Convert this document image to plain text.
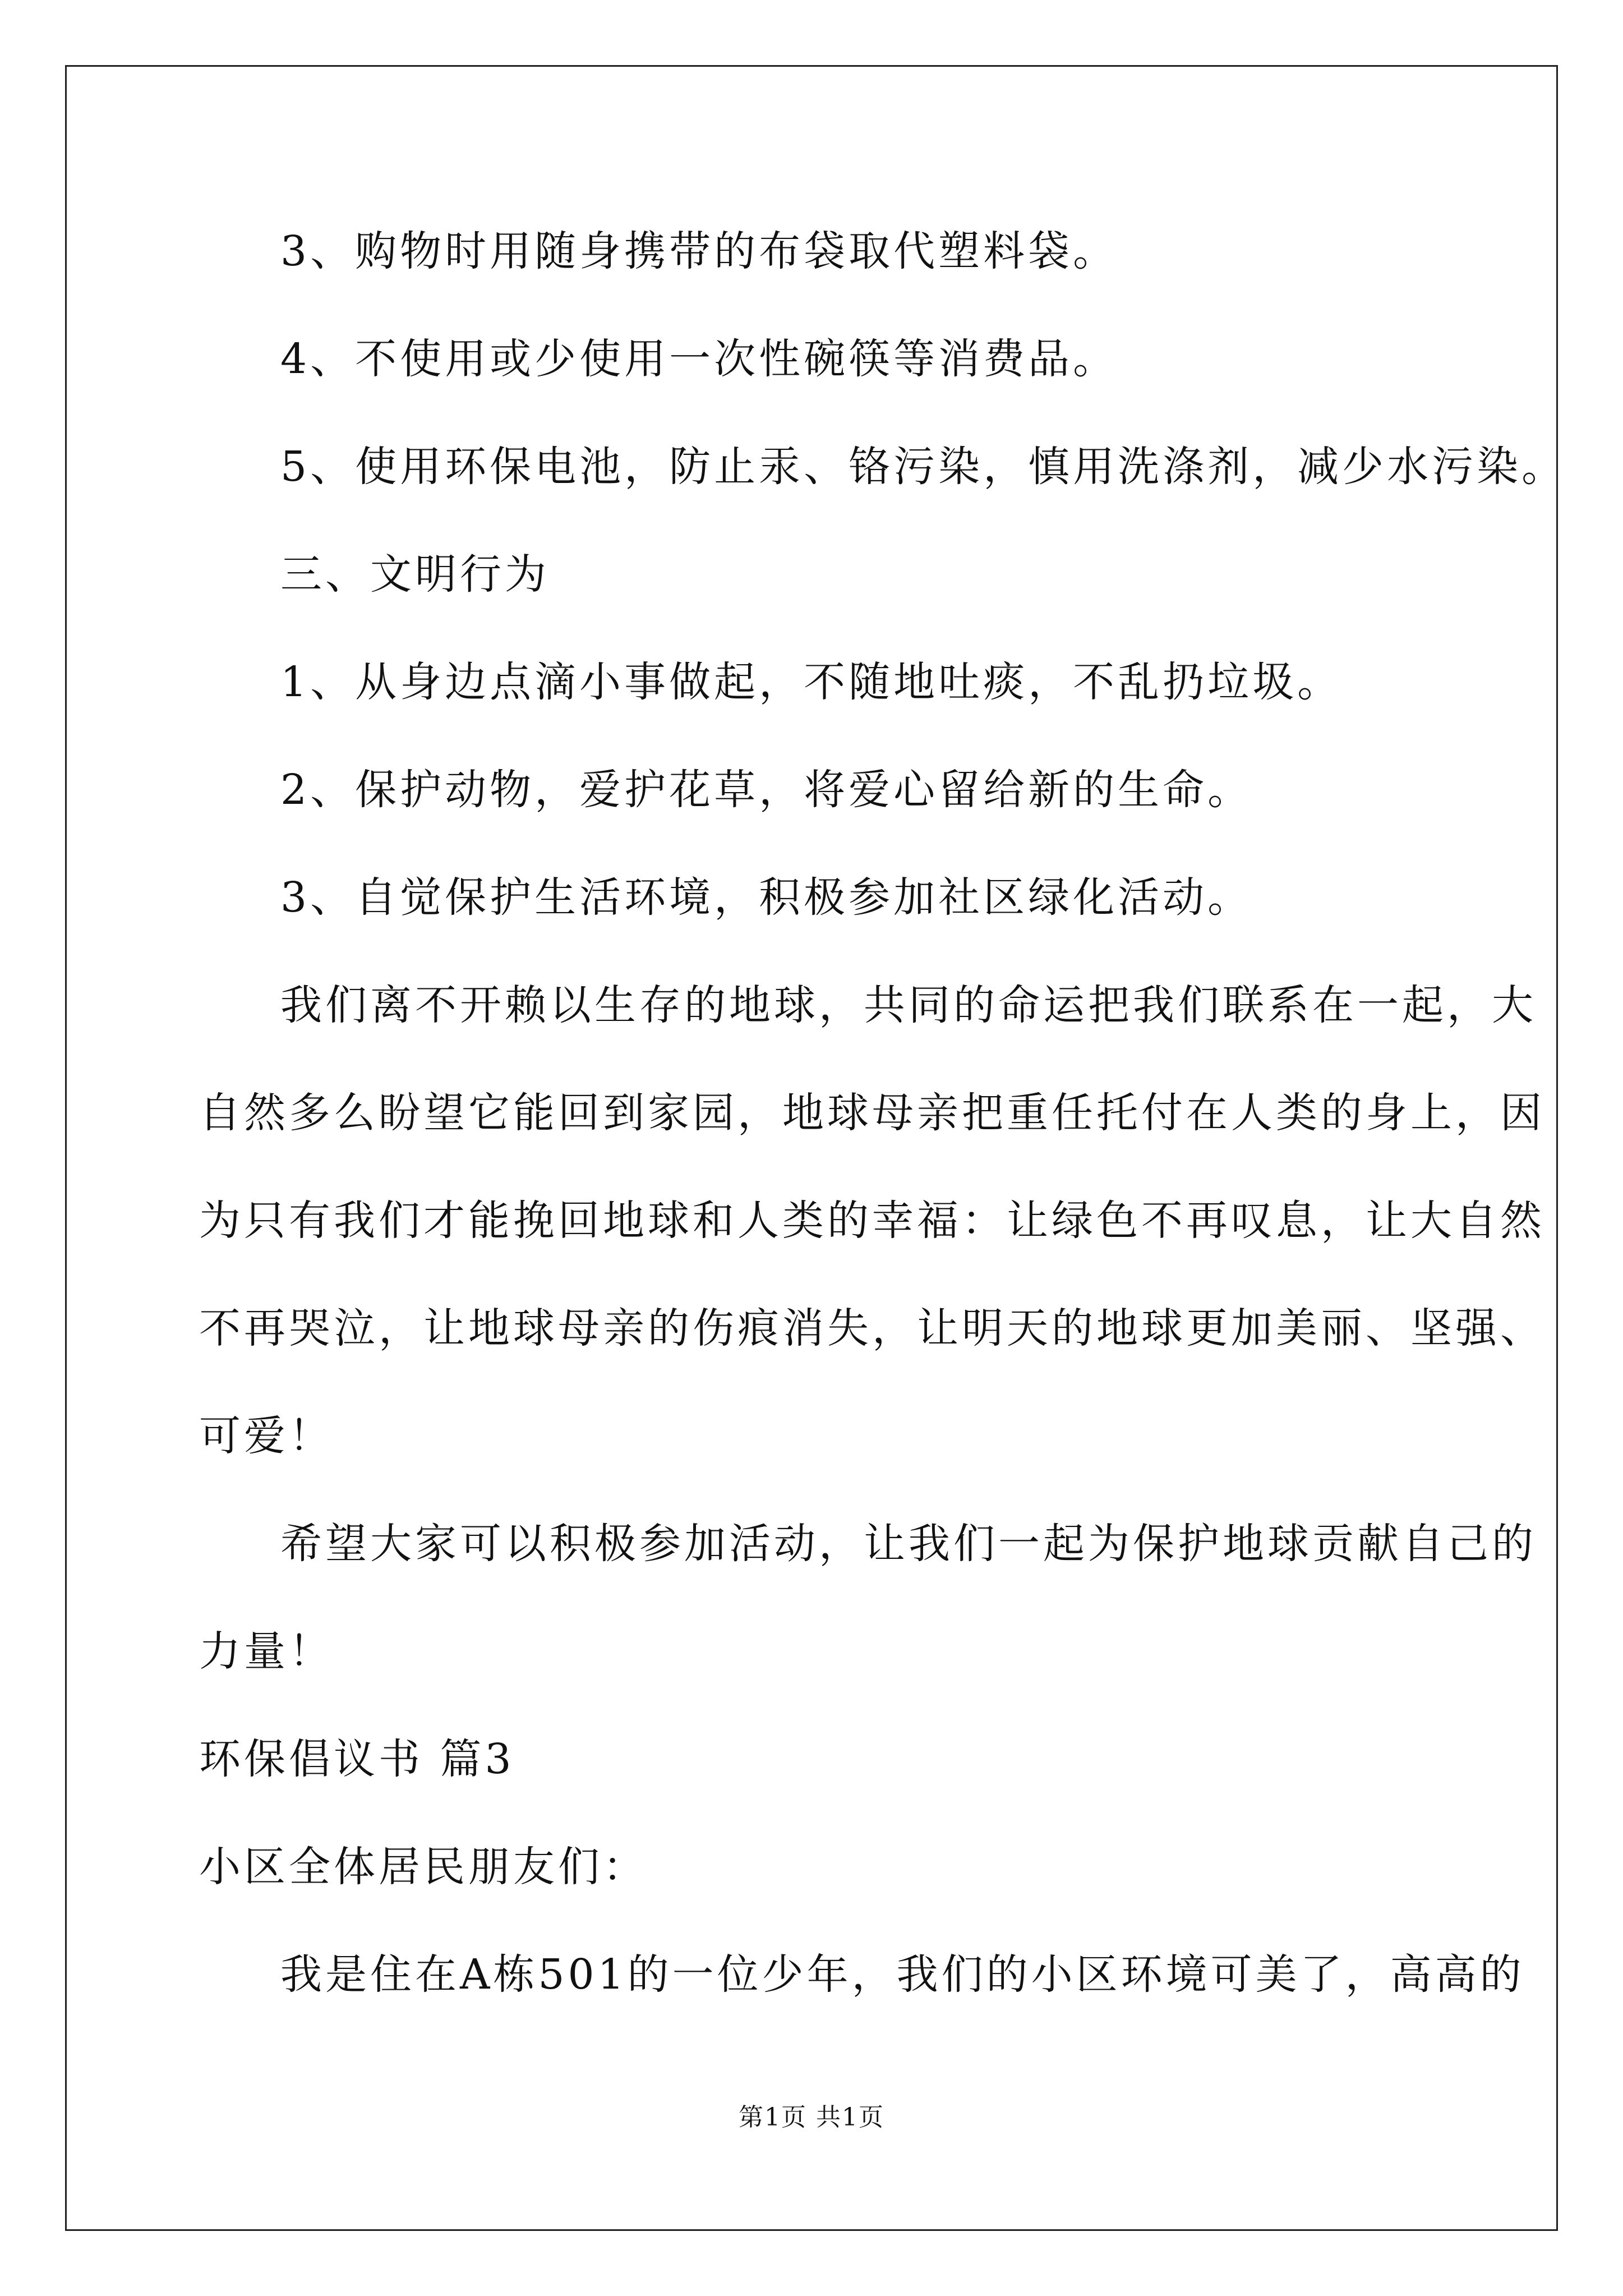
3、购物时用随身携带的布袋取代塑料袋。
4、不使用或少使用一次性碗筷等消费品。
5、使用环保电池，防止汞、铬污染，慎用洗涤剂，减少水污染。
三、文明行为
1、从身边点滴小事做起，不随地吐痰，不乱扔垃圾。
2、保护动物，爱护花草，将爱心留给新的生命。
3、自觉保护生活环境，积极参加社区绿化活动。
我们离不开赖以生存的地球，共同的命运把我们联系在一起，大
自然多么盼望它能回到家园，地球母亲把重任托付在人类的身上，因
为只有我们才能挽回地球和人类的幸福：让绿色不再叹息，让大自然
不再哭泣，让地球母亲的伤痕消失，让明天的地球更加美丽、坚强、
可爱！
希望大家可以积极参加活动，让我们一起为保护地球贡献自己的
力量！
环保倡议书 篇3
小区全体居民朋友们：
我是住在A栋501的一位少年，我们的小区环境可美了，高高的
第1页 共1页
